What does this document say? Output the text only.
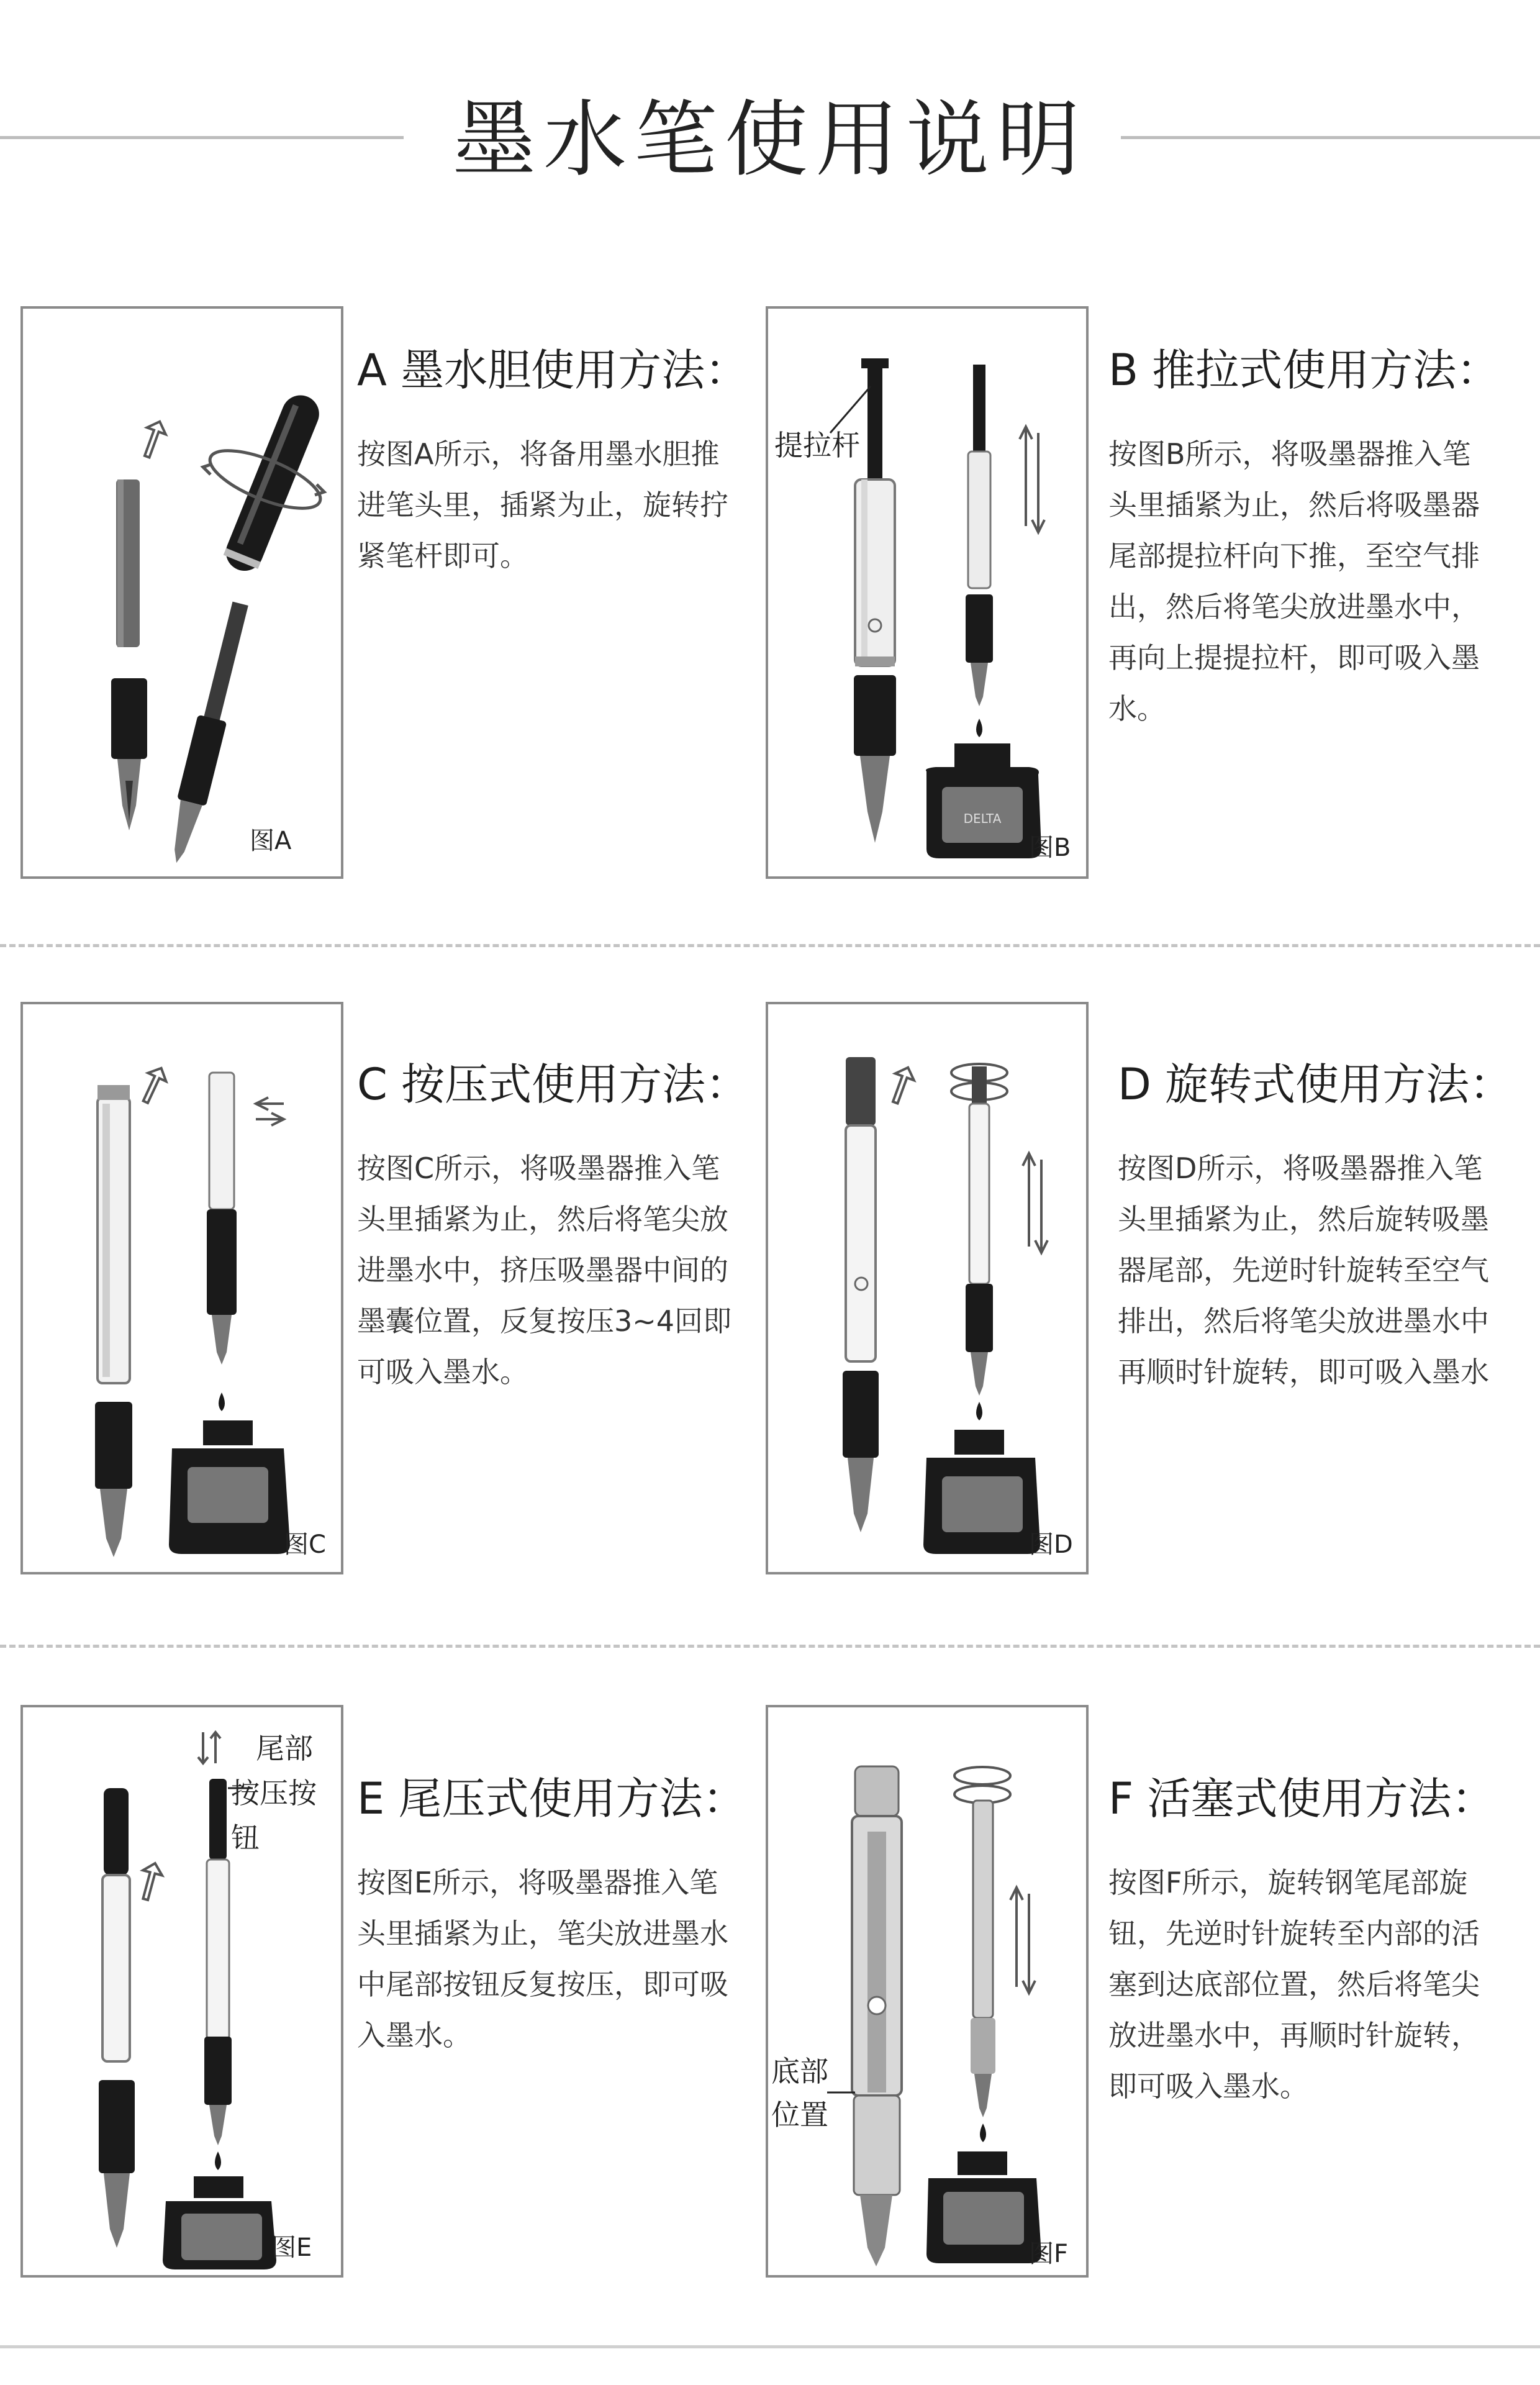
墨水笔使用说明
图A
A 墨水胆使用方法：
按图A所示，将备用墨水胆推进笔头里，插紧为止，旋转拧紧笔杆即可。
DELTA
提拉杆
图B
B 推拉式使用方法：
按图B所示，将吸墨器推入笔头里插紧为止，然后将吸墨器尾部提拉杆向下推，至空气排出，然后将笔尖放进墨水中，再向上提提拉杆，即可吸入墨水。
图C
C 按压式使用方法：
按图C所示，将吸墨器推入笔头里插紧为止，然后将笔尖放进墨水中，挤压吸墨器中间的墨囊位置，反复按压3~4回即可吸入墨水。
图D
D 旋转式使用方法：
按图D所示，将吸墨器推入笔头里插紧为止，然后旋转吸墨器尾部，先逆时针旋转至空气排出，然后将笔尖放进墨水中再顺时针旋转，即可吸入墨水
尾部
按压按钮
图E
E 尾压式使用方法：
按图E所示，将吸墨器推入笔头里插紧为止，笔尖放进墨水中尾部按钮反复按压，即可吸入墨水。
底部
位置
图F
F 活塞式使用方法：
按图F所示，旋转钢笔尾部旋钮，先逆时针旋转至内部的活塞到达底部位置，然后将笔尖放进墨水中，再顺时针旋转，即可吸入墨水。
